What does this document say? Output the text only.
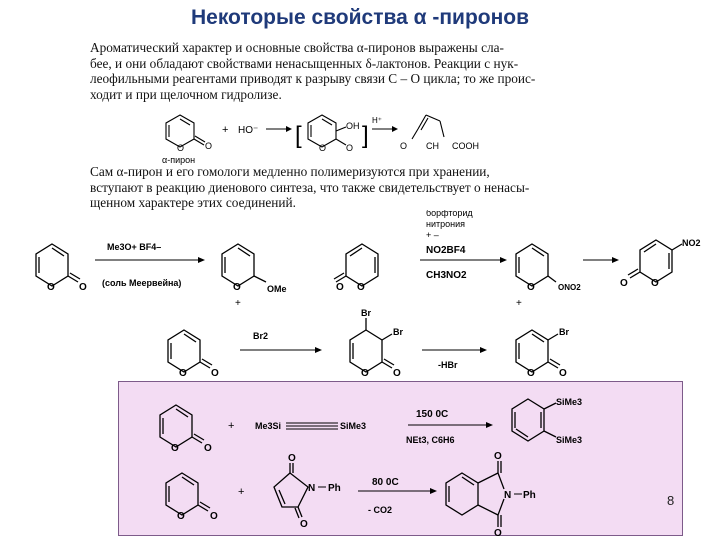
Некоторые свойства α -пиронов
Ароматический характер и основные свойства α-пиронов выражены сла-
бее, и они обладают свойствами ненасыщенных δ-лактонов. Реакции с нук-
леофильными реагентами приводят к разрыву связи С – О цикла; то же проис-
ходит и при щелочном гидролизе.
O O
α-пирон
+ HO⁻ [ O O
OH ]
H⁺
O CH COOH
Сам α-пирон и его гомологи медленно полимеризуются при хранении,
вступают в реакцию диенового синтеза, что также свидетельствует о ненасы-
щенном характере этих соединений.
O O
Me3O+ BF4–
(соль Меервейна)	O
+
OMe	O
O
борфторид
нитрония
+ –
NO2BF4
CH3NO2
O
+
ONO2	O
O
NO2
O O
Br2
Br
Br
O O
-HBr
Br
O O
O	O
+ Me3Si	SiMe3
150 0C
NEt3, C6H6
SiMe3
SiMe3
O	O
+
O
O
N Ph
80 0C
- CO2
O
O
N Ph	8
